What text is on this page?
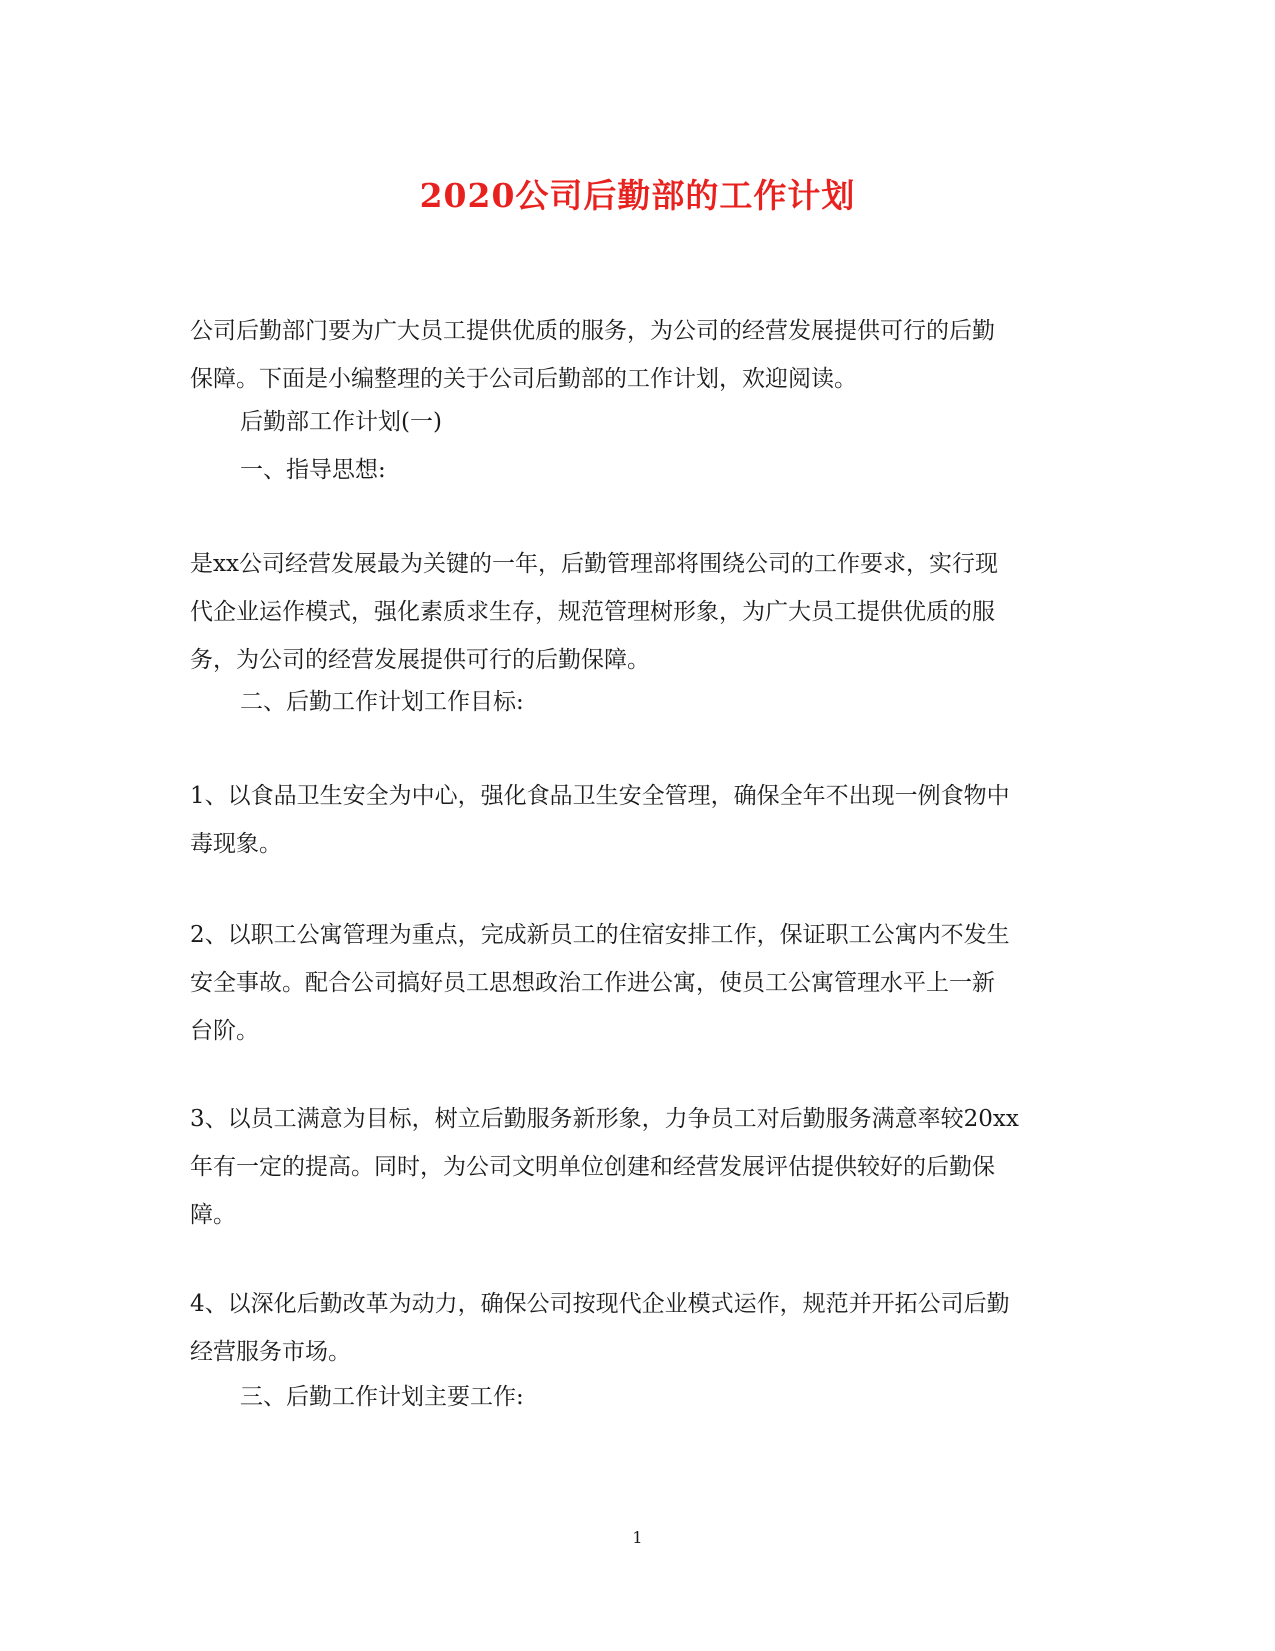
2020公司后勤部的工作计划
公司后勤部门要为广大员工提供优质的服务，为公司的经营发展提供可行的后勤
保障。下面是小编整理的关于公司后勤部的工作计划，欢迎阅读。
后勤部工作计划(一)
一、指导思想:
是xx公司经营发展最为关键的一年，后勤管理部将围绕公司的工作要求，实行现
代企业运作模式，强化素质求生存，规范管理树形象，为广大员工提供优质的服
务，为公司的经营发展提供可行的后勤保障。
二、后勤工作计划工作目标:
1、以食品卫生安全为中心，强化食品卫生安全管理，确保全年不出现一例食物中
毒现象。
2、以职工公寓管理为重点，完成新员工的住宿安排工作，保证职工公寓内不发生
安全事故。配合公司搞好员工思想政治工作进公寓，使员工公寓管理水平上一新
台阶。
3、以员工满意为目标，树立后勤服务新形象，力争员工对后勤服务满意率较20xx
年有一定的提高。同时，为公司文明单位创建和经营发展评估提供较好的后勤保
障。
4、以深化后勤改革为动力，确保公司按现代企业模式运作，规范并开拓公司后勤
经营服务市场。
三、后勤工作计划主要工作:
1
